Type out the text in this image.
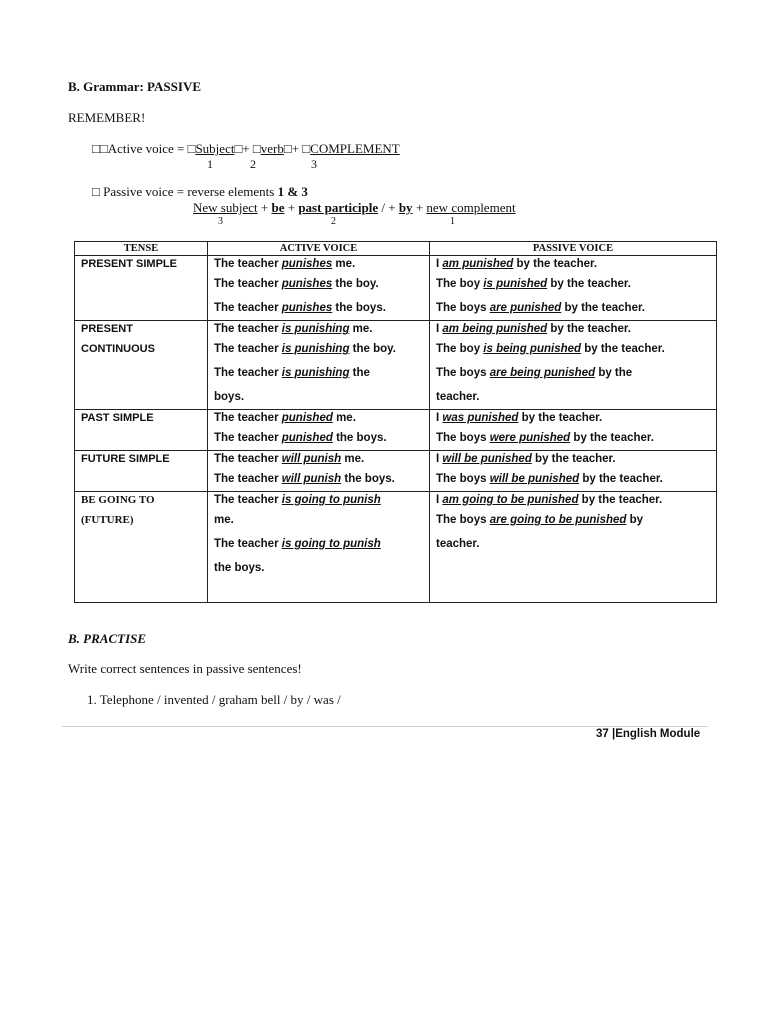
B. Grammar: PASSIVE
REMEMBER!
□□Active voice = □Subject□+ □verb□+ □COMPLEMENT
1	2	3
□ Passive voice = reverse elements 1 & 3
New subject + be + past participle / + by + new complement
3	2	1
TENSE	ACTIVE VOICE	PASSIVE VOICE

PRESENT SIMPLE	The teacher punishes me.
The teacher punishes the boy.
The teacher punishes the boys.	I am punished by the teacher.
The boy is punished by the teacher.
The boys are punished by the teacher.

PRESENT
CONTINUOUS	The teacher is punishing me.
The teacher is punishing the boy.
The teacher is punishing the
boys.	I am being punished by the teacher.
The boy is being punished by the teacher.
The boys are being punished by the
teacher.

PAST SIMPLE	The teacher punished me.
The teacher punished the boys.	I was punished by the teacher.
The boys were punished by the teacher.

FUTURE SIMPLE	The teacher will punish me.
The teacher will punish the boys.	I will be punished by the teacher.
The boys will be punished by the teacher.

BE GOING TO
(FUTURE)	The teacher is going to punish
me.
The teacher is going to punish
the boys.	I am going to be punished by the teacher.
The boys are going to be punished by
teacher.
B. PRACTISE
Write correct sentences in passive sentences!
1. Telephone / invented / graham bell / by / was /
37 |English Module
